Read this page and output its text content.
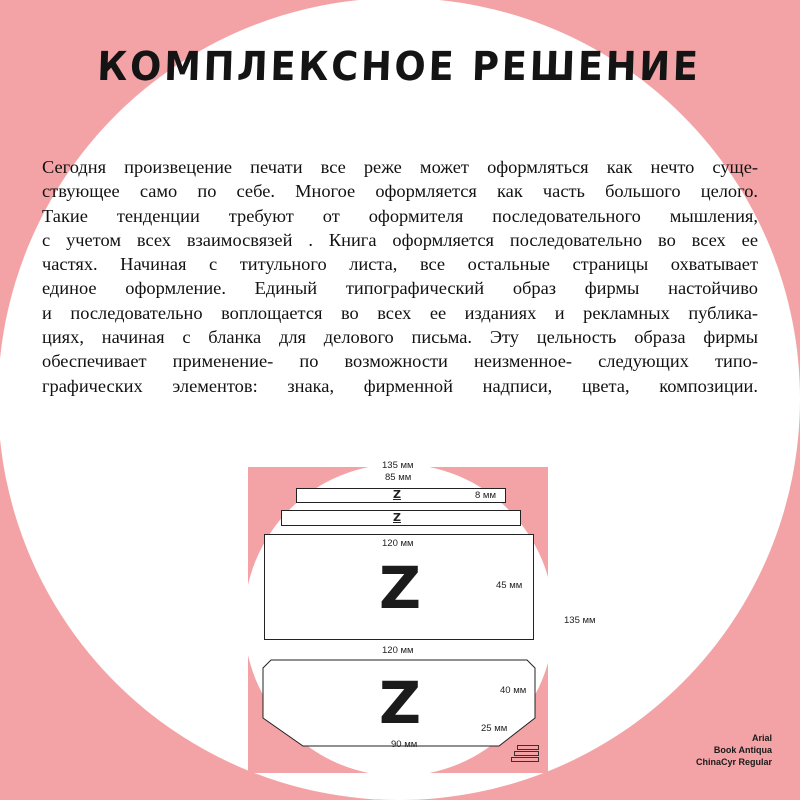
КОМПЛЕКСНОЕ РЕШЕНИЕ
Сегодня произвецение печати все реже может оформляться как нечто суще-
ствующее само по себе. Многое оформляется как часть большого целого.
Такие тенденции требуют от оформителя последовательного мышления,
с учетом всех взаимосвязей . Книга оформляется последовательно во всех ее
частях. Начиная с титульного листа, все остальные страницы охватывает
единое оформление. Единый типографический образ фирмы настойчиво
и последовательно воплощается во всех ее изданиях и рекламных публика-
циях, начиная с бланка для делового письма. Эту цельность образа фирмы
обеспечивает применение- по возможности неизменное- следующих типо-
графических элементов: знака, фирменной надписи, цвета, композиции.
135 мм
85 мм
Z	8 мм
Z
120 мм
Z	45 мм
120 мм
Z	40 мм
25 мм
90 мм
135 мм
Arial
Book Antiqua
ChinaCyr Regular
